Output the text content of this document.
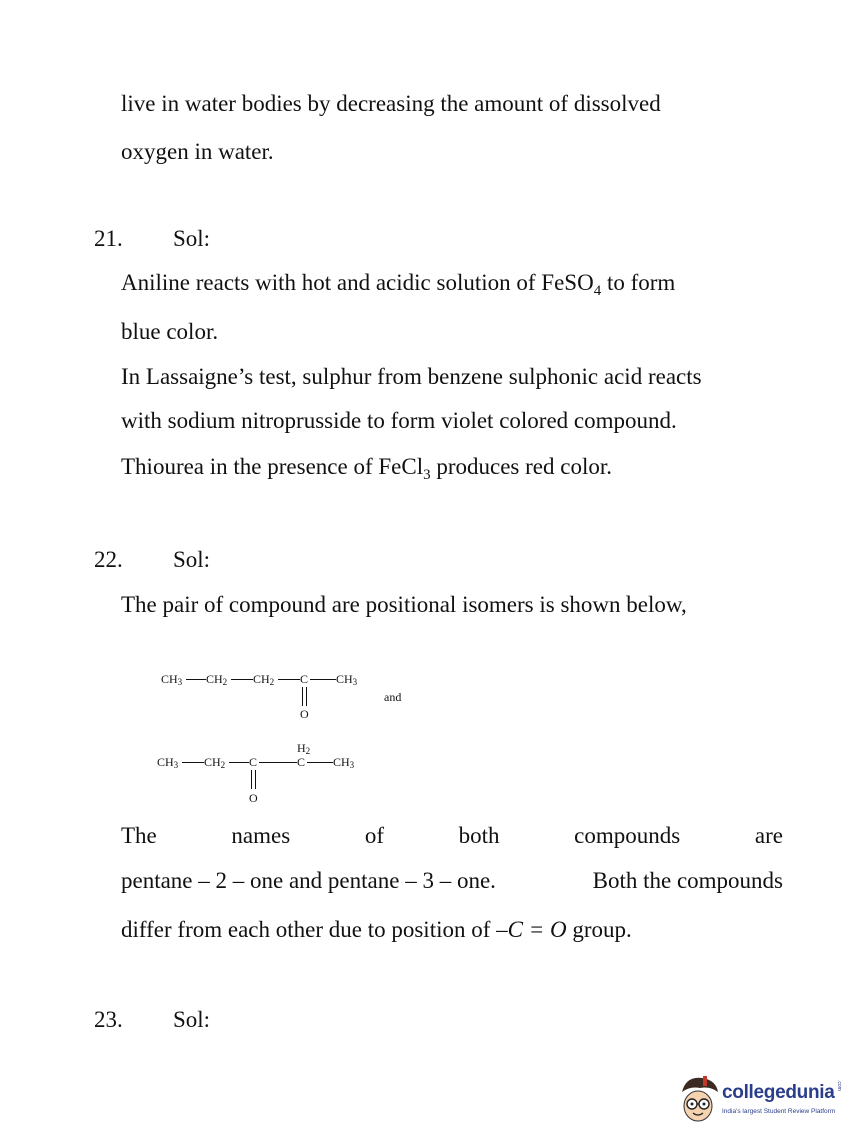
live in water bodies by decreasing the amount of dissolved
oxygen in water.
21. Sol:
Aniline reacts with hot and acidic solution of FeSO$_4$ to form
blue color.
In Lassaigne’s test, sulphur from benzene sulphonic acid reacts
with sodium nitroprusside to form violet colored compound.
Thiourea in the presence of FeCl$_3$ produces red color.
22. Sol:
The pair of compound are positional isomers is shown below,
CH3 CH2 CH2 C CH3
O
and
CH3 CH2 C
H2
C CH3
O
The	names	of	both	compounds	are
pentane – 2 – one and pentane – 3 – one.	Both the compounds
differ from each other due to position of –C = O group.
23. Sol:
collegedunia .com
India's largest Student Review Platform
